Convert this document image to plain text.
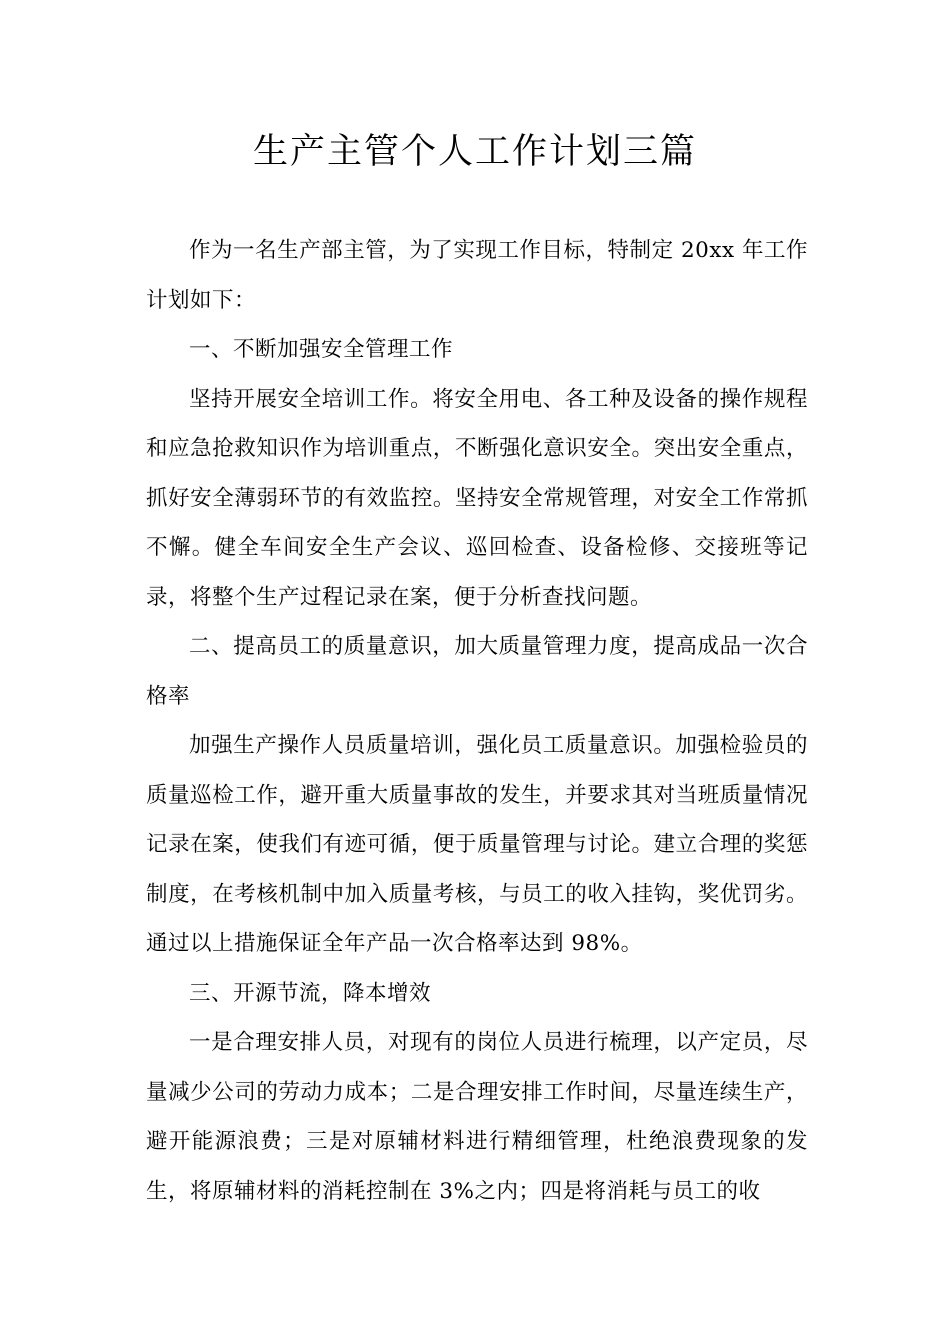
生产主管个人工作计划三篇

作为一名生产部主管，为了实现工作目标，特制定 20xx 年工作计划如下：

一、不断加强安全管理工作

坚持开展安全培训工作。将安全用电、各工种及设备的操作规程和应急抢救知识作为培训重点，不断强化意识安全。突出安全重点，抓好安全薄弱环节的有效监控。坚持安全常规管理，对安全工作常抓不懈。健全车间安全生产会议、巡回检查、设备检修、交接班等记录，将整个生产过程记录在案，便于分析查找问题。

二、提高员工的质量意识，加大质量管理力度，提高成品一次合格率

加强生产操作人员质量培训，强化员工质量意识。加强检验员的质量巡检工作，避开重大质量事故的发生，并要求其对当班质量情况记录在案，使我们有迹可循，便于质量管理与讨论。建立合理的奖惩制度，在考核机制中加入质量考核，与员工的收入挂钩，奖优罚劣。通过以上措施保证全年产品一次合格率达到 98%。

三、开源节流，降本增效

一是合理安排人员，对现有的岗位人员进行梳理，以产定员，尽量减少公司的劳动力成本；二是合理安排工作时间，尽量连续生产，避开能源浪费；三是对原辅材料进行精细管理，杜绝浪费现象的发生，将原辅材料的消耗控制在 3%之内；四是将消耗与员工的收
